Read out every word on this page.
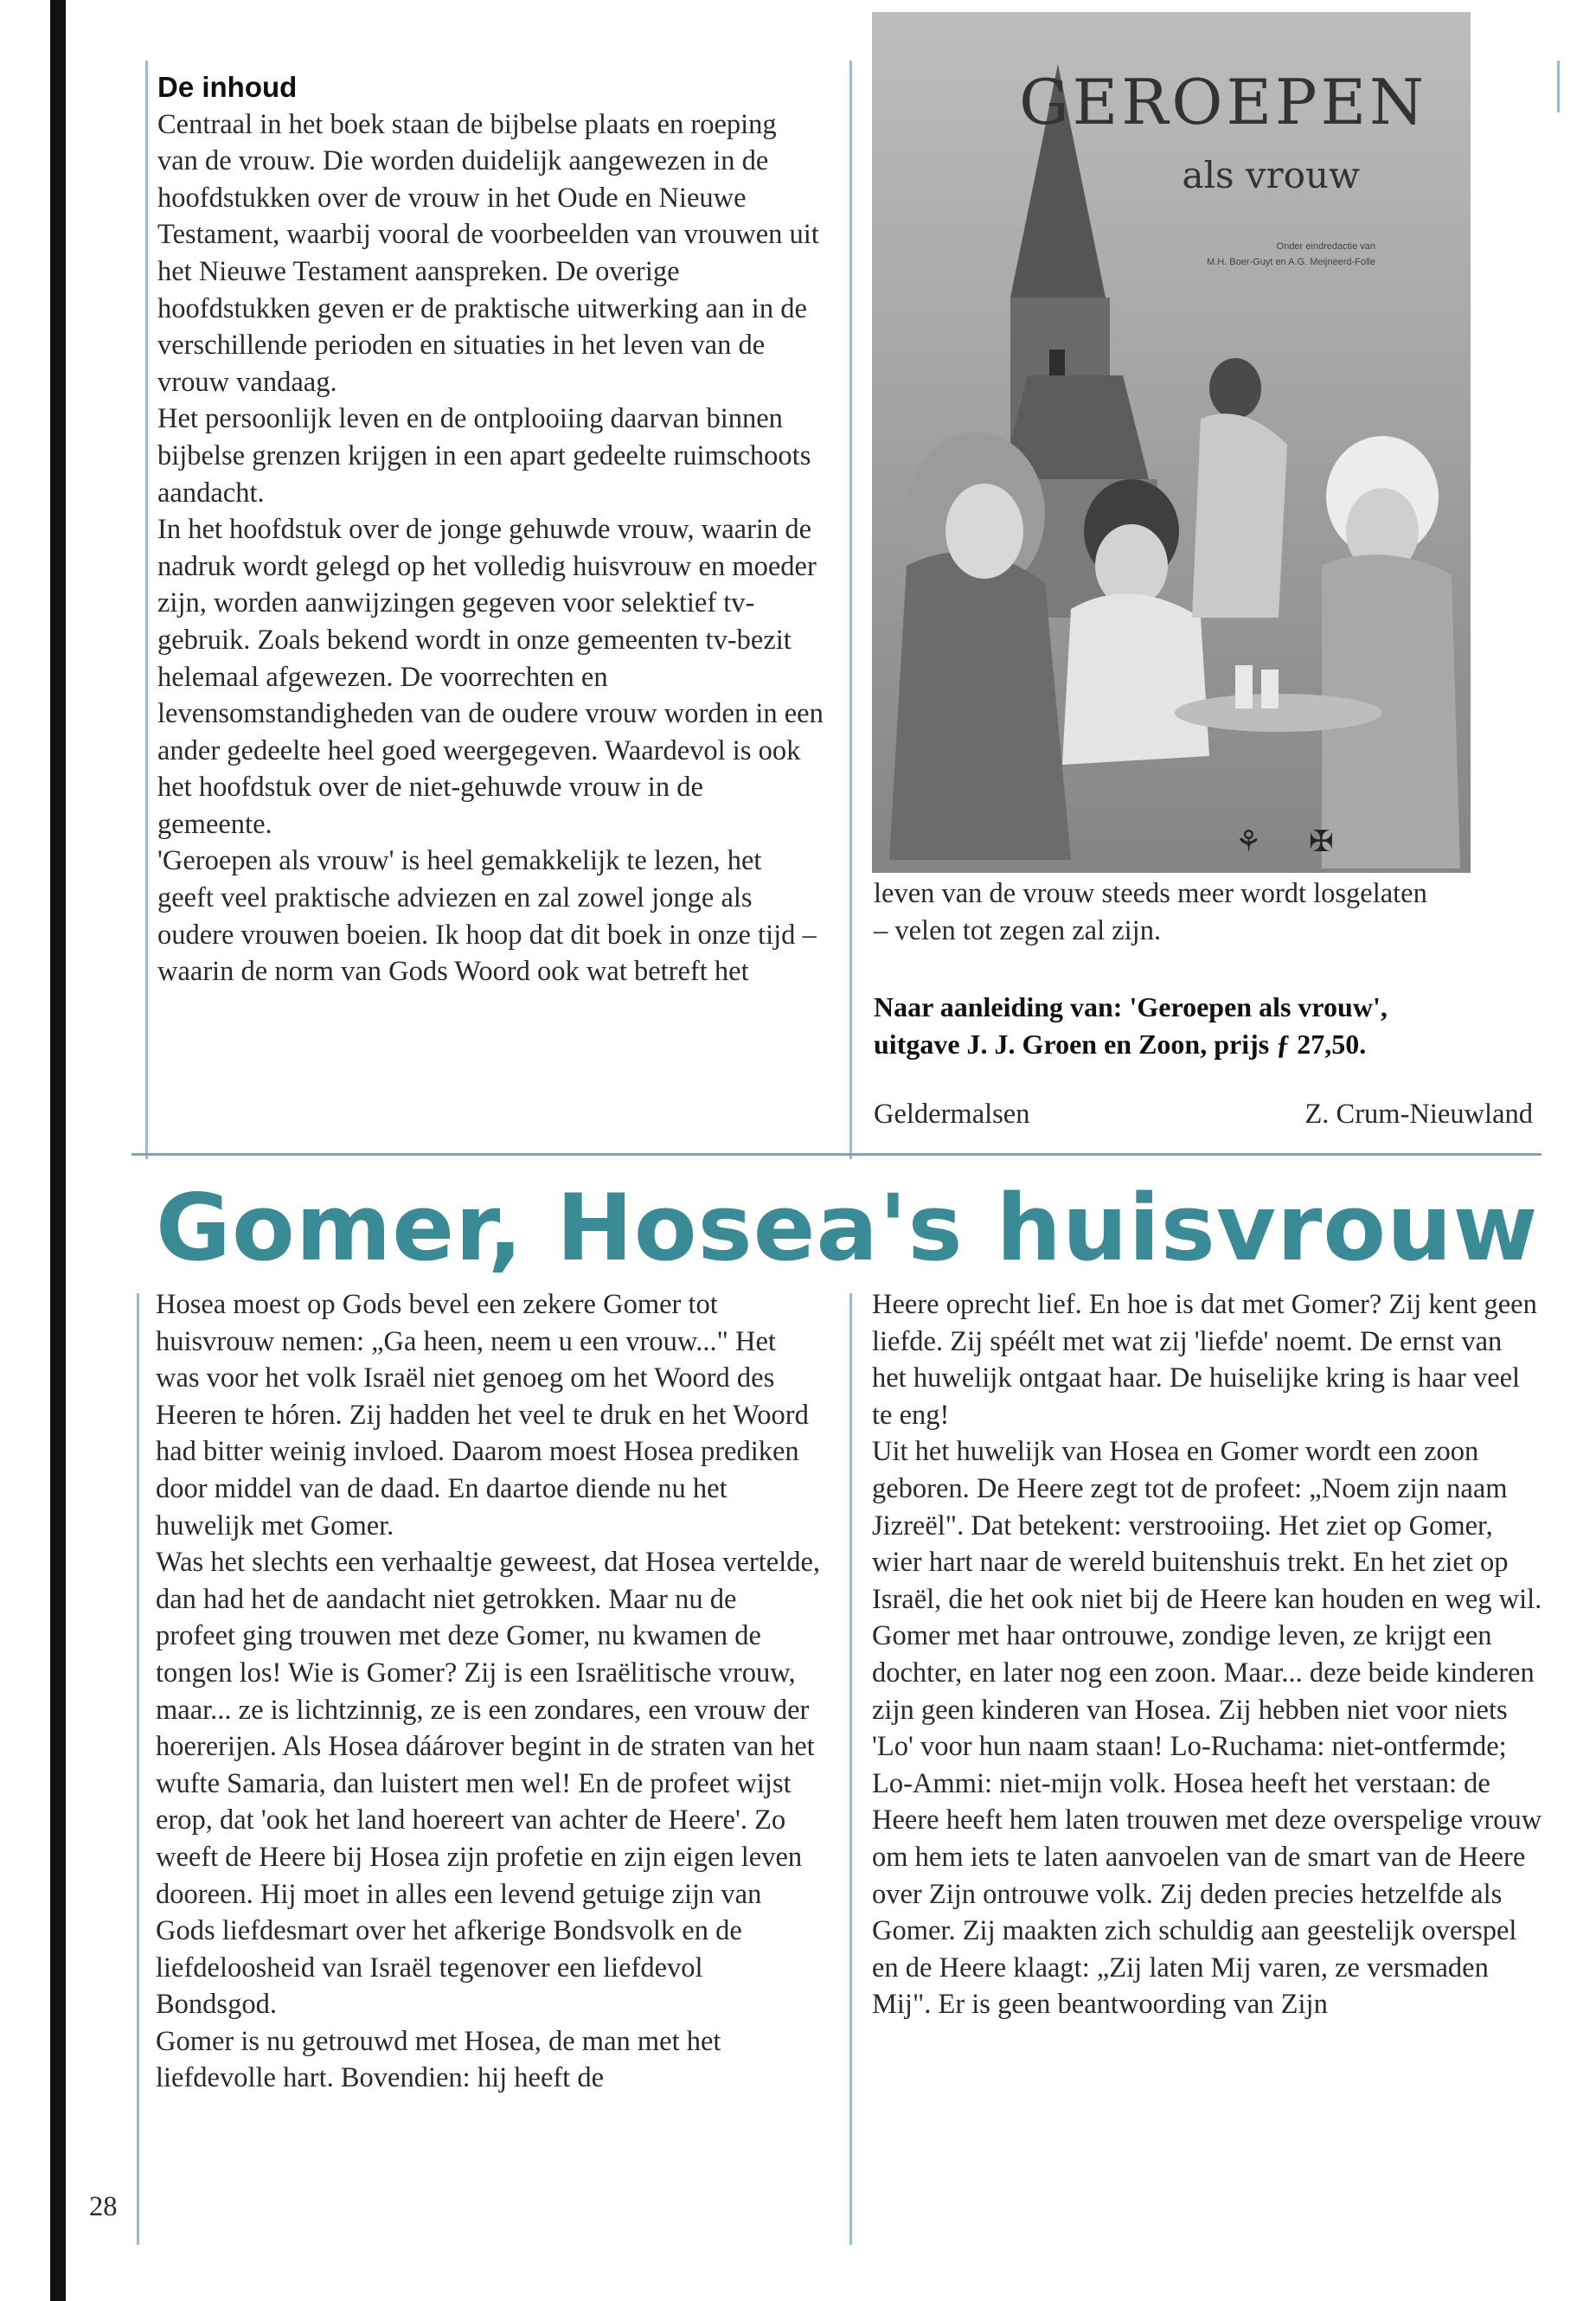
De inhoud

Centraal in het boek staan de bijbelse plaats en roeping van de vrouw. Die worden duidelijk aangewezen in de hoofdstukken over de vrouw in het Oude en Nieuwe Testament, waarbij vooral de voorbeelden van vrouwen uit het Nieuwe Testament aanspreken. De overige hoofdstukken geven er de praktische uitwerking aan in de verschillende perioden en situaties in het leven van de vrouw vandaag.

Het persoonlijk leven en de ontplooiing daarvan binnen bijbelse grenzen krijgen in een apart gedeelte ruimschoots aandacht.

In het hoofdstuk over de jonge gehuwde vrouw, waarin de nadruk wordt gelegd op het volledig huisvrouw en moeder zijn, worden aanwijzingen gegeven voor selektief tv-gebruik. Zoals bekend wordt in onze gemeenten tv-bezit helemaal afgewezen. De voorrechten en levensomstandigheden van de oudere vrouw worden in een ander gedeelte heel goed weergegeven. Waardevol is ook het hoofdstuk over de niet-gehuwde vrouw in de gemeente.

'Geroepen als vrouw' is heel gemakkelijk te lezen, het geeft veel praktische adviezen en zal zowel jonge als oudere vrouwen boeien. Ik hoop dat dit boek in onze tijd – waarin de norm van Gods Woord ook wat betreft het

⚘ ✠
GEROEPEN
als vrouw
Onder eindredactie van
M.H. Boer-Guyt en A.G. Meijneerd-Folle

leven van de vrouw steeds meer wordt losgelaten – velen tot zegen zal zijn.

Naar aanleiding van: 'Geroepen als vrouw', uitgave J. J. Groen en Zoon, prijs ƒ 27,50.

Geldermalsen	Z. Crum-Nieuwland

Gomer, Hosea's huisvrouw

Hosea moest op Gods bevel een zekere Gomer tot huisvrouw nemen: „Ga heen, neem u een vrouw..." Het was voor het volk Israël niet genoeg om het Woord des Heeren te hóren. Zij hadden het veel te druk en het Woord had bitter weinig invloed. Daarom moest Hosea prediken door middel van de daad. En daartoe diende nu het huwelijk met Gomer.

Was het slechts een verhaaltje geweest, dat Hosea vertelde, dan had het de aandacht niet getrokken. Maar nu de profeet ging trouwen met deze Gomer, nu kwamen de tongen los! Wie is Gomer? Zij is een Israëlitische vrouw, maar... ze is lichtzinnig, ze is een zondares, een vrouw der hoererijen. Als Hosea dáárover begint in de straten van het wufte Samaria, dan luistert men wel! En de profeet wijst erop, dat 'ook het land hoereert van achter de Heere'. Zo weeft de Heere bij Hosea zijn profetie en zijn eigen leven dooreen. Hij moet in alles een levend getuige zijn van Gods liefdesmart over het afkerige Bondsvolk en de liefdeloosheid van Israël tegenover een liefdevol Bondsgod.

Gomer is nu getrouwd met Hosea, de man met het liefdevolle hart. Bovendien: hij heeft de

Heere oprecht lief. En hoe is dat met Gomer? Zij kent geen liefde. Zij spéélt met wat zij 'liefde' noemt. De ernst van het huwelijk ontgaat haar. De huiselijke kring is haar veel te eng!

Uit het huwelijk van Hosea en Gomer wordt een zoon geboren. De Heere zegt tot de profeet: „Noem zijn naam Jizreël". Dat betekent: verstrooiing. Het ziet op Gomer, wier hart naar de wereld buitenshuis trekt. En het ziet op Israël, die het ook niet bij de Heere kan houden en weg wil.

Gomer met haar ontrouwe, zondige leven, ze krijgt een dochter, en later nog een zoon. Maar... deze beide kinderen zijn geen kinderen van Hosea. Zij hebben niet voor niets 'Lo' voor hun naam staan! Lo-Ruchama: niet-ontfermde; Lo-Ammi: niet-mijn volk. Hosea heeft het verstaan: de Heere heeft hem laten trouwen met deze overspelige vrouw om hem iets te laten aanvoelen van de smart van de Heere over Zijn ontrouwe volk. Zij deden precies hetzelfde als Gomer. Zij maakten zich schuldig aan geestelijk overspel en de Heere klaagt: „Zij laten Mij varen, ze versmaden Mij". Er is geen beantwoording van Zijn

28
